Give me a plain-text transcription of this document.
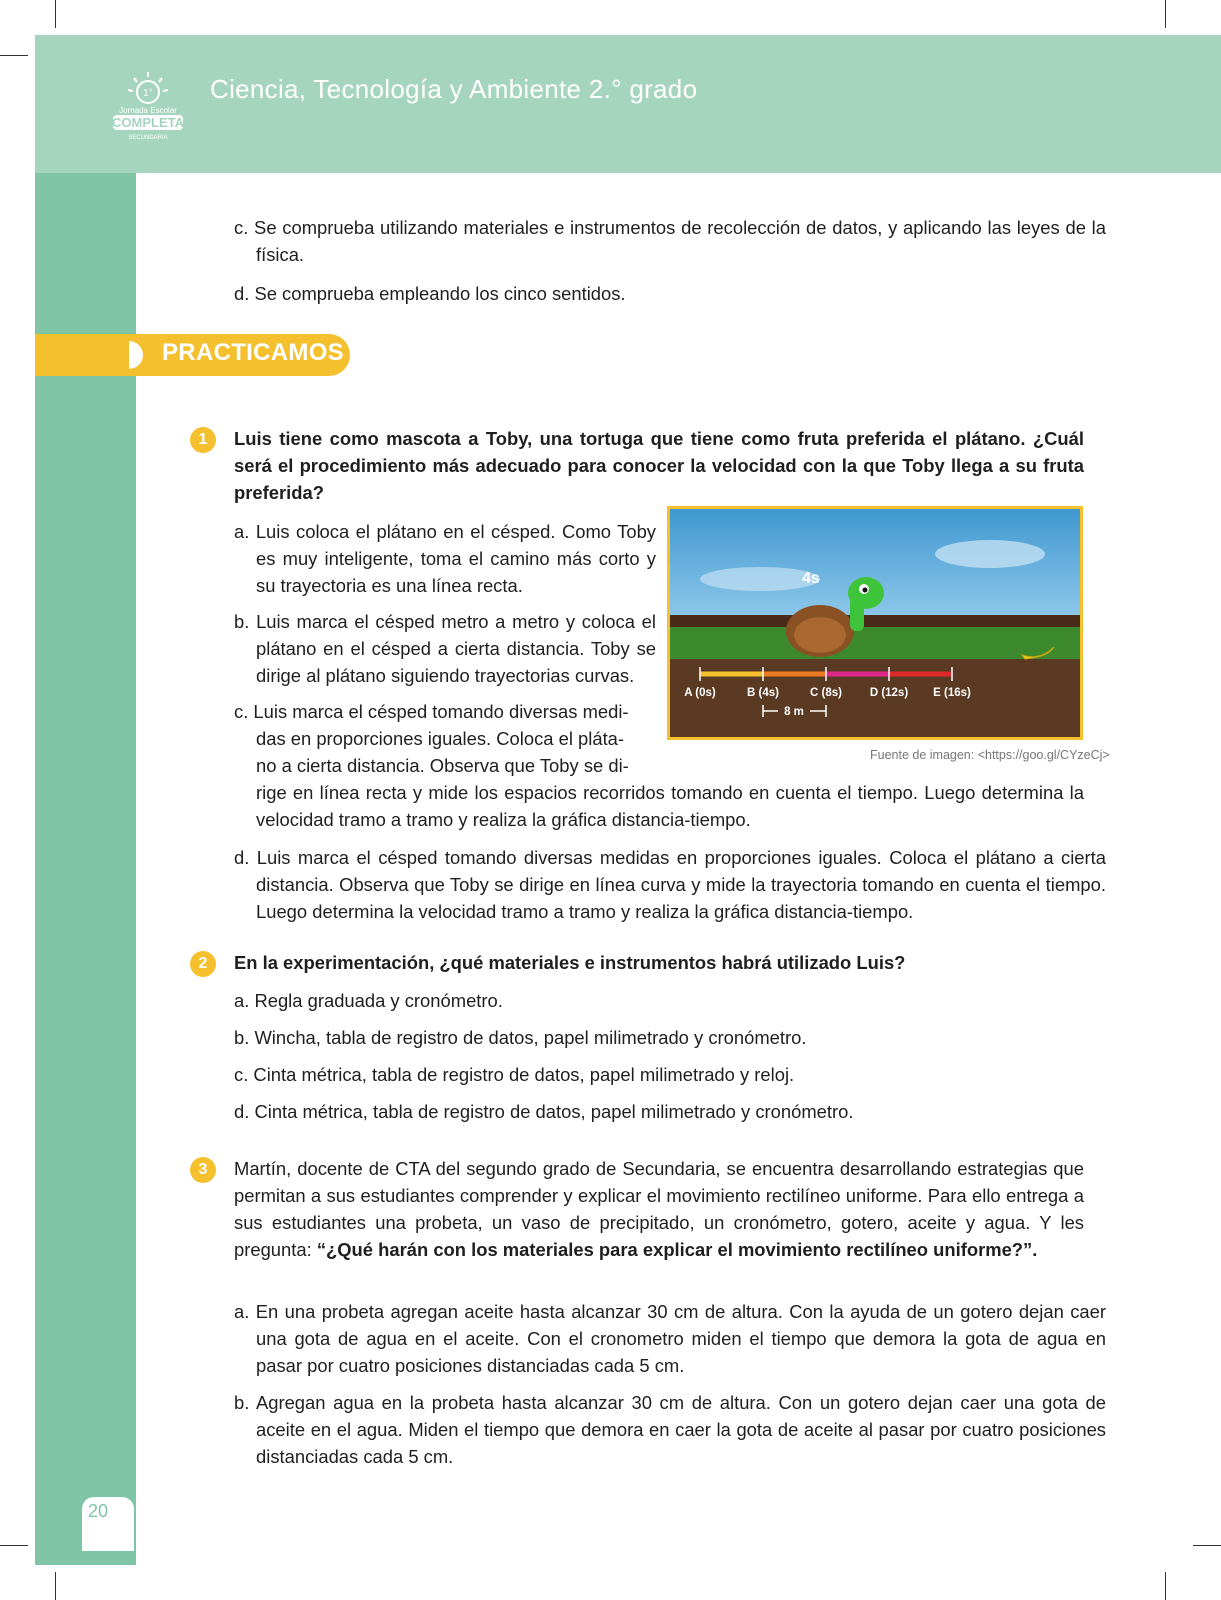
1°
Jornada Escolar
COMPLETA
SECUNDARIA
Ciencia, Tecnología y Ambiente 2.° grado
20

c. Se comprueba utilizando materiales e instrumentos de recolección de datos, y aplicando las leyes de la física.

d. Se comprueba empleando los cinco sentidos.

PRACTICAMOS
1	Luis tiene como mascota a Toby, una tortuga que tiene como fruta preferida el plátano. ¿Cuál será el procedimiento más adecuado para conocer la velocidad con la que Toby llega a su fruta preferida?

a. Luis coloca el plátano en el césped. Como Toby es muy inteligente, toma el camino más corto y su trayectoria es una línea recta.

b. Luis marca el césped metro a metro y coloca el plátano en el césped a cierta distancia. Toby se dirige al plátano siguiendo trayectorias curvas.

c. Luis marca el césped tomando diversas medi-

das en proporciones iguales. Coloca el pláta-

no a cierta distancia. Observa que Toby se di-

rige en línea recta y mide los espacios recorridos tomando en cuenta el tiempo. Luego determina la velocidad tramo a tramo y realiza la gráfica distancia-tiempo.

d. Luis marca el césped tomando diversas medidas en proporciones iguales. Coloca el plátano a cierta distancia. Observa que Toby se dirige en línea curva y mide la trayectoria tomando en cuenta el tiempo. Luego determina la velocidad tramo a tramo y realiza la gráfica distancia-tiempo.

4s
A (0s)	B (4s)	C (8s) D (12s) E (16s)
8 m
Fuente de imagen: <https://goo.gl/CYzeCj>
2	En la experimentación, ¿qué materiales e instrumentos habrá utilizado Luis?

a. Regla graduada y cronómetro.

b. Wincha, tabla de registro de datos, papel milimetrado y cronómetro.

c. Cinta métrica, tabla de registro de datos, papel milimetrado y reloj.

d. Cinta métrica, tabla de registro de datos, papel milimetrado y cronómetro.

3	Martín, docente de CTA del segundo grado de Secundaria, se encuentra desarrollando estrategias que permitan a sus estudiantes comprender y explicar el movimiento rectilíneo uniforme. Para ello entrega a sus estudiantes una probeta, un vaso de precipitado, un cronómetro, gotero, aceite y agua. Y les pregunta: “¿Qué harán con los materiales para explicar el movimiento rectilíneo uniforme?”.

a. En una probeta agregan aceite hasta alcanzar 30 cm de altura. Con la ayuda de un gotero dejan caer una gota de agua en el aceite. Con el cronometro miden el tiempo que demora la gota de agua en pasar por cuatro posiciones distanciadas cada 5 cm.

b. Agregan agua en la probeta hasta alcanzar 30 cm de altura. Con un gotero dejan caer una gota de aceite en el agua. Miden el tiempo que demora en caer la gota de aceite al pasar por cuatro posiciones distanciadas cada 5 cm.
